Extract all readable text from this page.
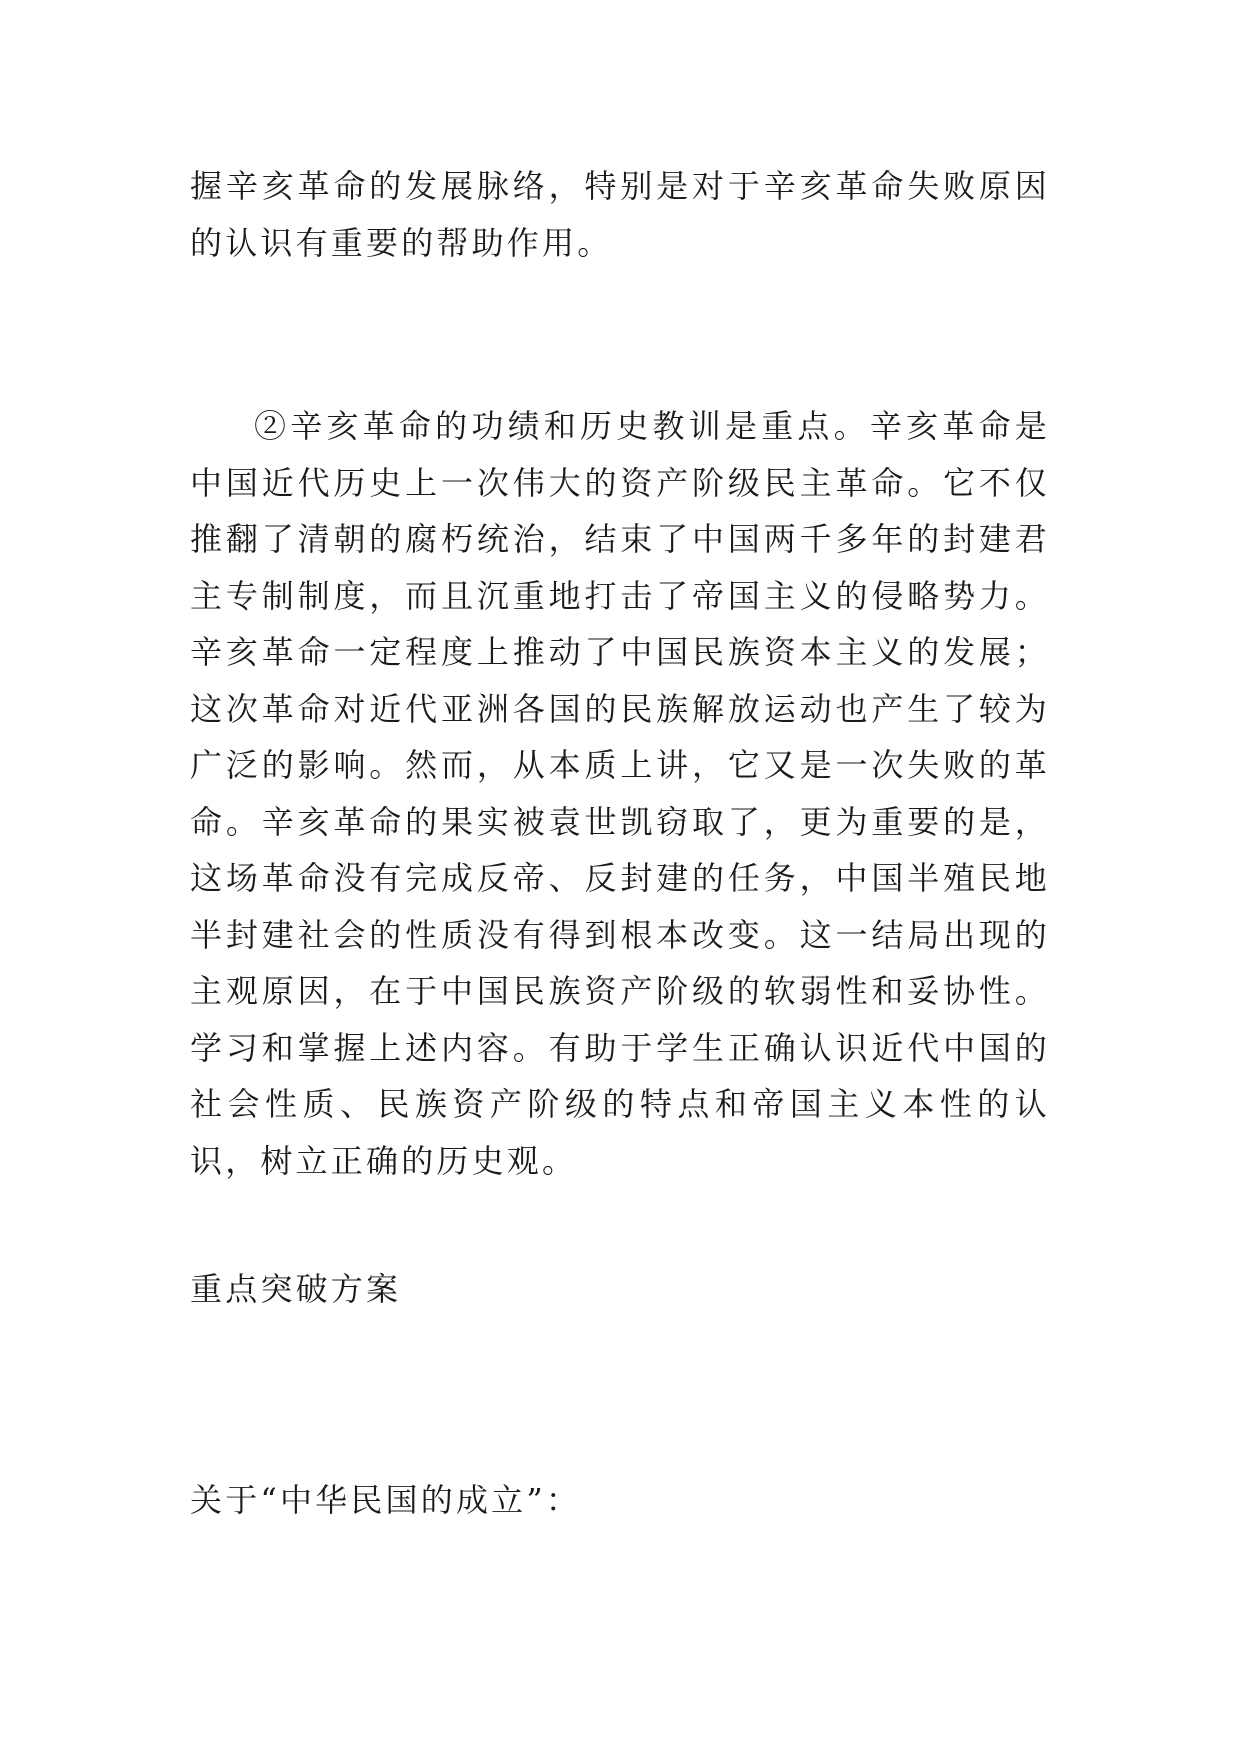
握辛亥革命的发展脉络，特别是对于辛亥革命失败原因的认识有重要的帮助作用。

②辛亥革命的功绩和历史教训是重点。辛亥革命是中国近代历史上一次伟大的资产阶级民主革命。它不仅推翻了清朝的腐朽统治，结束了中国两千多年的封建君主专制制度，而且沉重地打击了帝国主义的侵略势力。辛亥革命一定程度上推动了中国民族资本主义的发展；这次革命对近代亚洲各国的民族解放运动也产生了较为广泛的影响。然而，从本质上讲，它又是一次失败的革命。辛亥革命的果实被袁世凯窃取了，更为重要的是，这场革命没有完成反帝、反封建的任务，中国半殖民地半封建社会的性质没有得到根本改变。这一结局出现的主观原因，在于中国民族资产阶级的软弱性和妥协性。学习和掌握上述内容。有助于学生正确认识近代中国的社会性质、民族资产阶级的特点和帝国主义本性的认识，树立正确的历史观。

重点突破方案

关于“中华民国的成立”：
